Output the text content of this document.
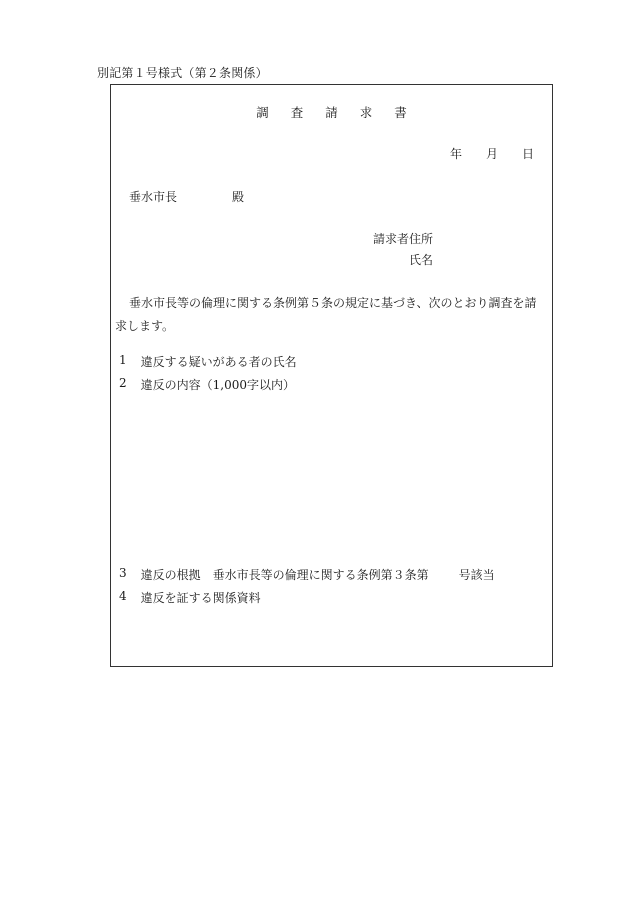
別記第１号様式（第２条関係）
調 査 請 求 書
年 月 日
垂水市長	殿
請求者住所
氏名
垂水市長等の倫理に関する条例第５条の規定に基づき、次のとおり調査を請求します。
1 違反する疑いがある者の氏名
2 違反の内容（1,000字以内）
3 違反の根拠　垂水市長等の倫理に関する条例第３条第	号該当
4 違反を証する関係資料
